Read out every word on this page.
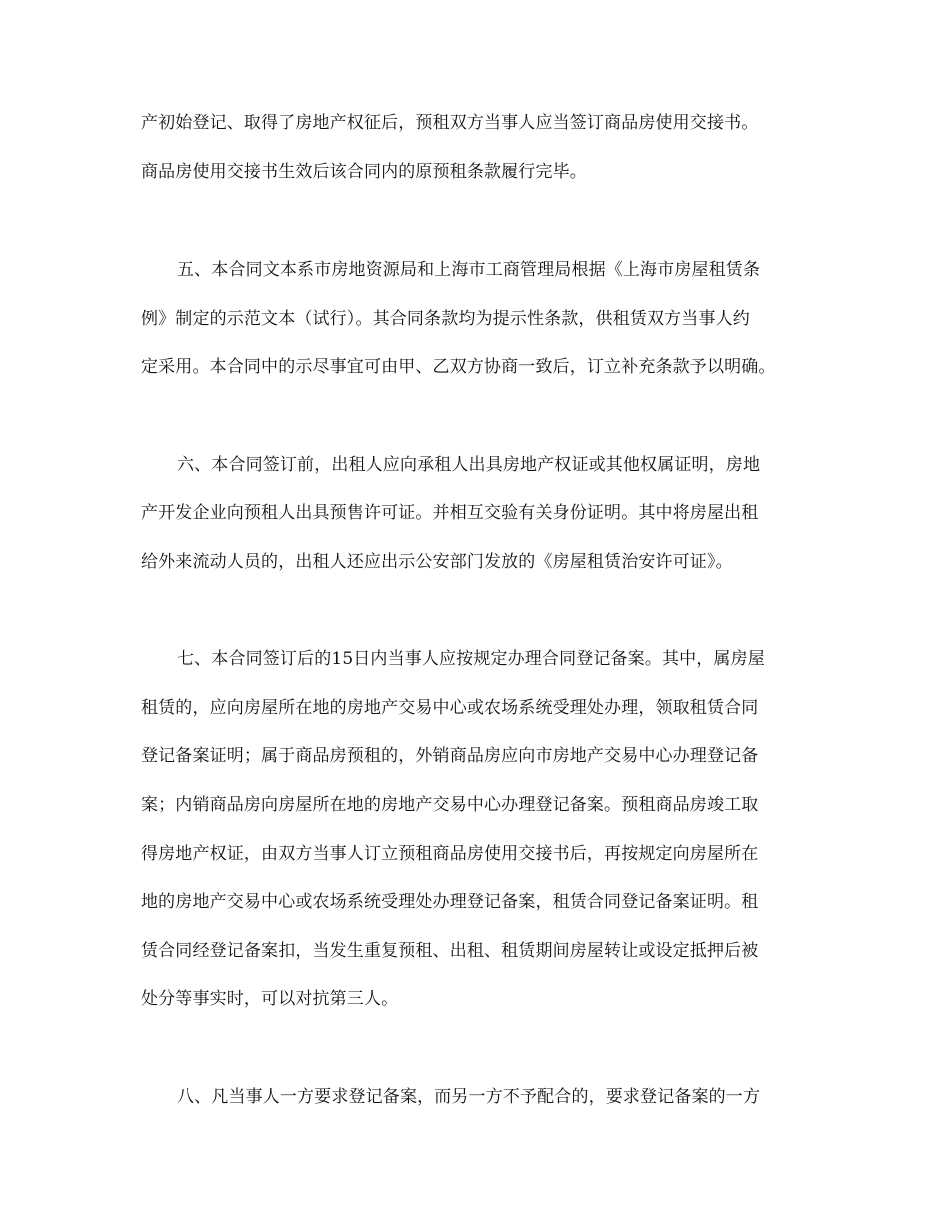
产初始登记、取得了房地产权征后，预租双方当事人应当签订商品房使用交接书。
商品房使用交接书生效后该合同内的原预租条款履行完毕。
五、本合同文本系市房地资源局和上海市工商管理局根据《上海市房屋租赁条
例》制定的示范文本（试行）。其合同条款均为提示性条款，供租赁双方当事人约
定采用。本合同中的示尽事宜可由甲、乙双方协商一致后，订立补充条款予以明确。
六、本合同签订前，出租人应向承租人出具房地产权证或其他权属证明，房地
产开发企业向预租人出具预售许可证。并相互交验有关身份证明。其中将房屋出租
给外来流动人员的，出租人还应出示公安部门发放的《房屋租赁治安许可证》。
七、本合同签订后的15日内当事人应按规定办理合同登记备案。其中，属房屋
租赁的，应向房屋所在地的房地产交易中心或农场系统受理处办理，领取租赁合同
登记备案证明；属于商品房预租的，外销商品房应向市房地产交易中心办理登记备
案；内销商品房向房屋所在地的房地产交易中心办理登记备案。预租商品房竣工取
得房地产权证，由双方当事人订立预租商品房使用交接书后，再按规定向房屋所在
地的房地产交易中心或农场系统受理处办理登记备案，租赁合同登记备案证明。租
赁合同经登记备案扣，当发生重复预租、出租、租赁期间房屋转让或设定抵押后被
处分等事实时，可以对抗第三人。
八、凡当事人一方要求登记备案，而另一方不予配合的，要求登记备案的一方
